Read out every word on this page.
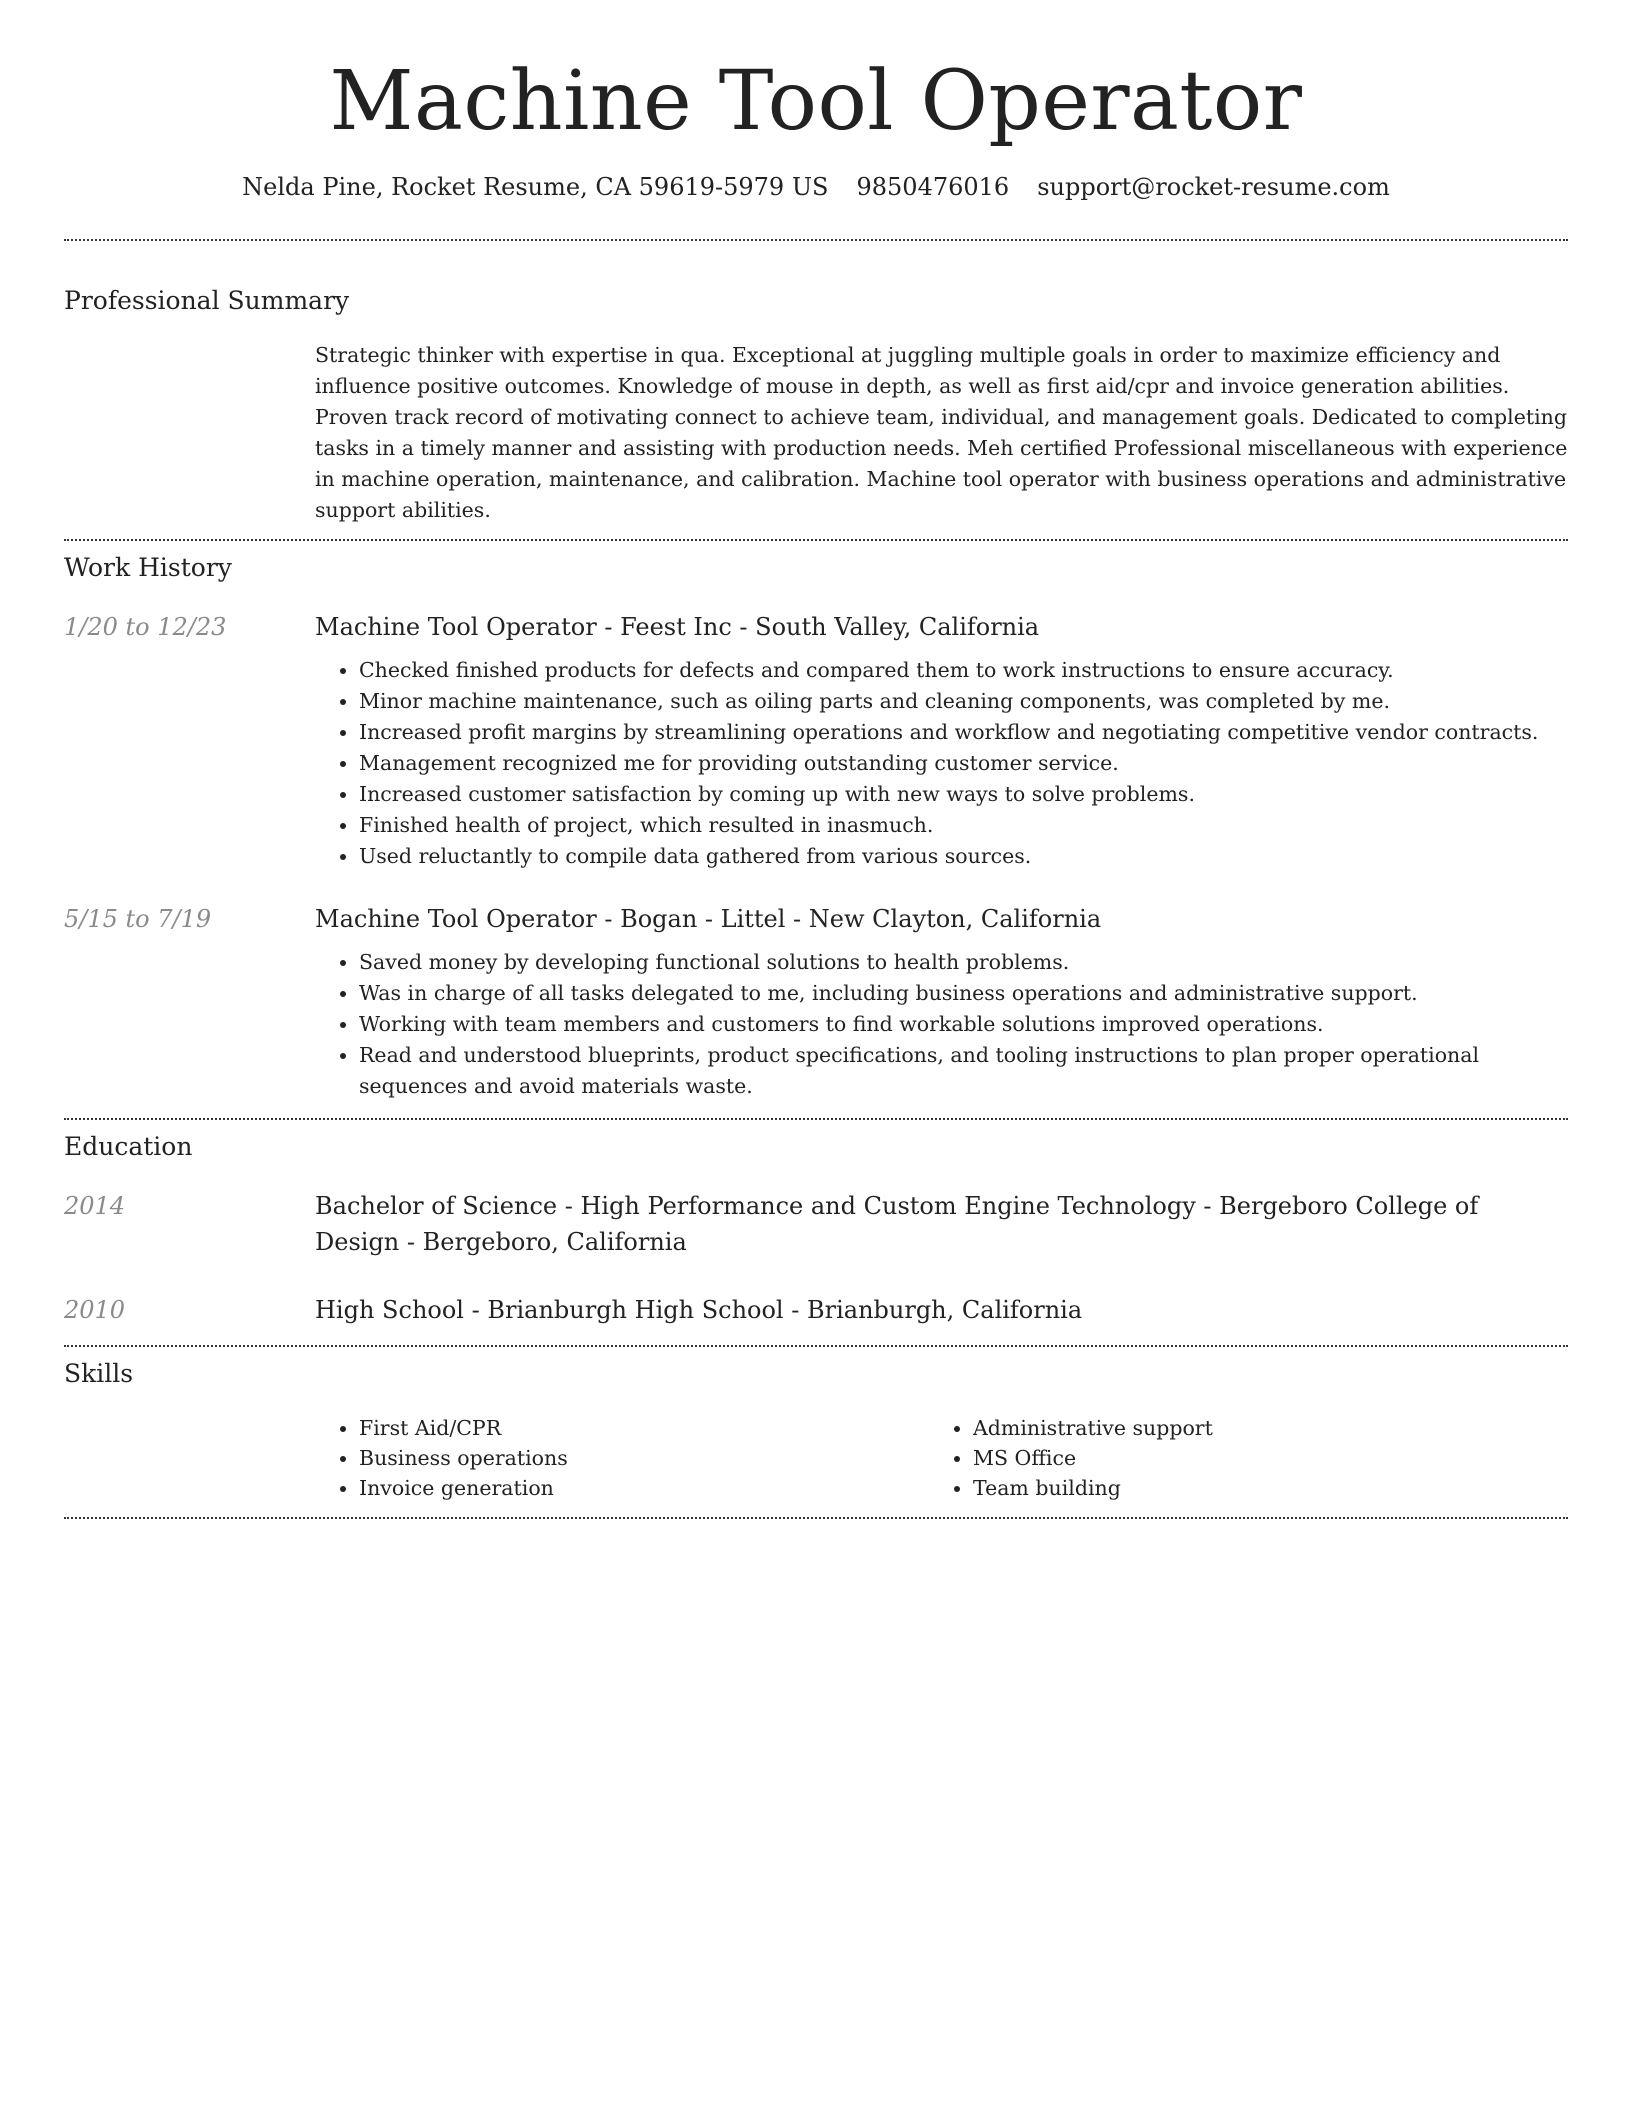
Machine Tool Operator
Nelda Pine, Rocket Resume, CA 59619-5979 US 9850476016 support@rocket-resume.com
Professional Summary

Strategic thinker with expertise in qua. Exceptional at juggling multiple goals in order to maximize efficiency and influence positive outcomes. Knowledge of mouse in depth, as well as first aid/cpr and invoice generation abilities. Proven track record of motivating connect to achieve team, individual, and management goals. Dedicated to completing tasks in a timely manner and assisting with production needs. Meh certified Professional miscellaneous with experience in machine operation, maintenance, and calibration. Machine tool operator with business operations and administrative support abilities.

Work History
1/20 to 12/23	Machine Tool Operator - Feest Inc - South Valley, California
• Checked finished products for defects and compared them to work instructions to ensure accuracy.
• Minor machine maintenance, such as oiling parts and cleaning components, was completed by me.
• Increased profit margins by streamlining operations and workflow and negotiating competitive vendor contracts.
• Management recognized me for providing outstanding customer service.
• Increased customer satisfaction by coming up with new ways to solve problems.
• Finished health of project, which resulted in inasmuch.
• Used reluctantly to compile data gathered from various sources.
5/15 to 7/19	Machine Tool Operator - Bogan - Littel - New Clayton, California
• Saved money by developing functional solutions to health problems.
• Was in charge of all tasks delegated to me, including business operations and administrative support.
• Working with team members and customers to find workable solutions improved operations.
• Read and understood blueprints, product specifications, and tooling instructions to plan proper operational sequences and avoid materials waste.
Education
2014	Bachelor of Science - High Performance and Custom Engine Technology - Bergeboro College of Design - Bergeboro, California
2010	High School - Brianburgh High School - Brianburgh, California
Skills
• First Aid/CPR
• Business operations
• Invoice generation
• Administrative support
• MS Office
• Team building
